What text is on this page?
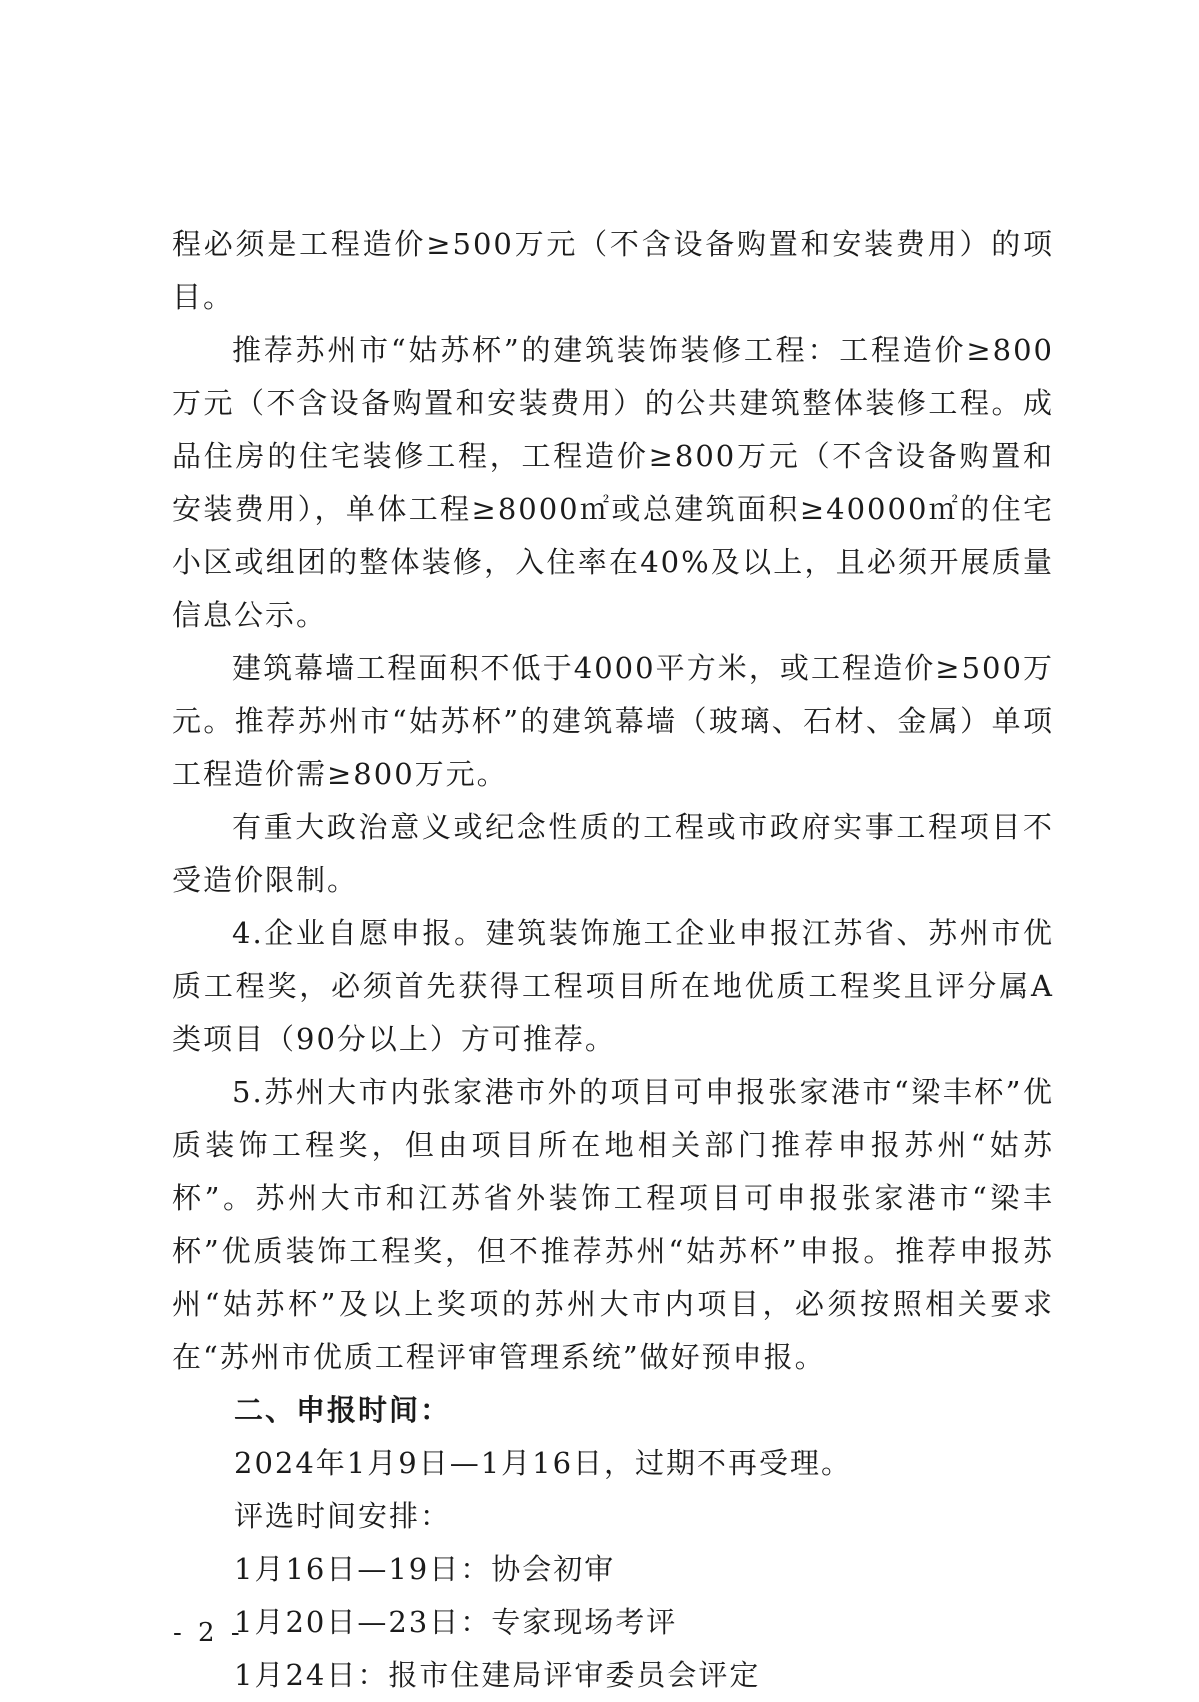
程必须是工程造价≥500万元（不含设备购置和安装费用）的项目。

推荐苏州市“姑苏杯”的建筑装饰装修工程：工程造价≥800万元（不含设备购置和安装费用）的公共建筑整体装修工程。成品住房的住宅装修工程，工程造价≥800万元（不含设备购置和安装费用），单体工程≥8000㎡或总建筑面积≥40000㎡的住宅小区或组团的整体装修，入住率在40%及以上，且必须开展质量信息公示。

建筑幕墙工程面积不低于4000平方米，或工程造价≥500万元。推荐苏州市“姑苏杯”的建筑幕墙（玻璃、石材、金属）单项工程造价需≥800万元。

有重大政治意义或纪念性质的工程或市政府实事工程项目不受造价限制。

4.企业自愿申报。建筑装饰施工企业申报江苏省、苏州市优质工程奖，必须首先获得工程项目所在地优质工程奖且评分属A类项目（90分以上）方可推荐。

5.苏州大市内张家港市外的项目可申报张家港市“梁丰杯”优质装饰工程奖，但由项目所在地相关部门推荐申报苏州“姑苏杯”。苏州大市和江苏省外装饰工程项目可申报张家港市“梁丰杯”优质装饰工程奖，但不推荐苏州“姑苏杯”申报。推荐申报苏州“姑苏杯”及以上奖项的苏州大市内项目，必须按照相关要求在“苏州市优质工程评审管理系统”做好预申报。

二、申报时间：
2024年1月9日—1月16日，过期不再受理。
评选时间安排：
1月16日—19日：协会初审
1月20日—23日：专家现场考评
1月24日：报市住建局评审委员会评定
- 2 -
